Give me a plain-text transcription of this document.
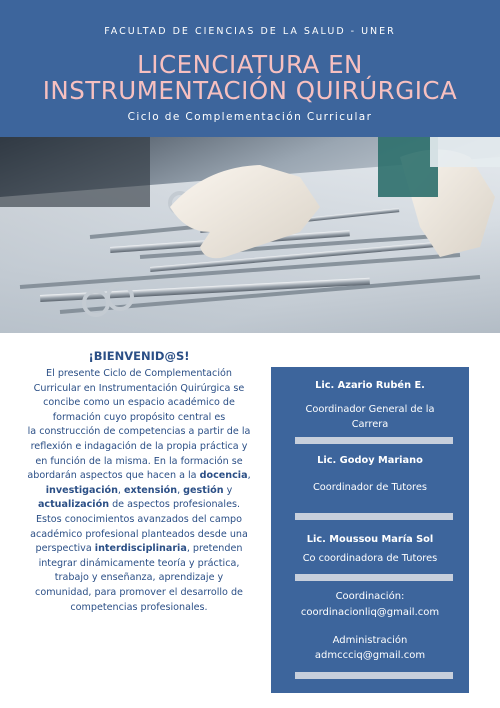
FACULTAD DE CIENCIAS DE LA SALUD - UNER
LICENCIATURA EN
INSTRUMENTACIÓN QUIRÚRGICA
Ciclo de Complementación Curricular
¡BIENVENID@S!
El presente Ciclo de Complementación Curricular en Instrumentación Quirúrgica se concibe como un espacio académico de formación cuyo propósito central es
la construcción de competencias a partir de la reflexión e indagación de la propia práctica y en función de la misma. En la formación se abordarán aspectos que hacen a la docencia, investigación, extensión, gestión y actualización de aspectos profesionales.
Estos conocimientos avanzados del campo académico profesional planteados desde una perspectiva interdisciplinaria, pretenden integrar dinámicamente teoría y práctica, trabajo y enseñanza, aprendizaje y comunidad, para promover el desarrollo de competencias profesionales.
Lic. Azario Rubén E.
Coordinador General de la Carrera
Lic. Godoy Mariano
Coordinador de Tutores
Lic. Moussou María Sol
Co coordinadora de Tutores
Coordinación:
coordinacionliq@gmail.com
Administración
admccciq@gmail.com
